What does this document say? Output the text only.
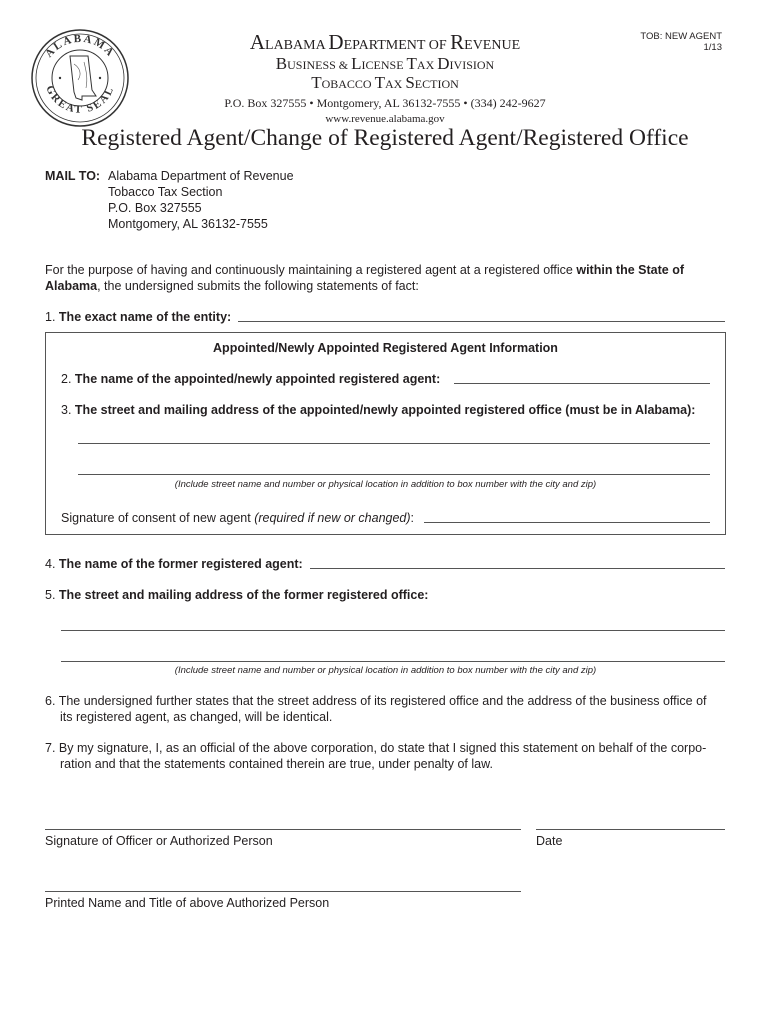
ALABAMA
GREAT SEAL
TOB: NEW AGENT
1/13
ALABAMA DEPARTMENT OF REVENUE
BUSINESS & LICENSE TAX DIVISION
TOBACCO TAX SECTION
P.O. Box 327555 • Montgomery, AL 36132-7555 • (334) 242-9627
www.revenue.alabama.gov
Registered Agent/Change of Registered Agent/Registered Office
MAIL TO: Alabama Department of Revenue
Tobacco Tax Section
P.O. Box 327555
Montgomery, AL 36132-7555
For the purpose of having and continuously maintaining a registered agent at a registered office within the State of
Alabama, the undersigned submits the following statements of fact:
1. The exact name of the entity:
Appointed/Newly Appointed Registered Agent Information
2. The name of the appointed/newly appointed registered agent:
3. The street and mailing address of the appointed/newly appointed registered office (must be in Alabama):
(Include street name and number or physical location in addition to box number with the city and zip)
Signature of consent of new agent (required if new or changed):
4. The name of the former registered agent:
5. The street and mailing address of the former registered office:
(Include street name and number or physical location in addition to box number with the city and zip)
6. The undersigned further states that the street address of its registered office and the address of the business office of
its registered agent, as changed, will be identical.
7. By my signature, I, as an official of the above corporation, do state that I signed this statement on behalf of the corpo-
ration and that the statements contained therein are true, under penalty of law.
Signature of Officer or Authorized Person	Date
Printed Name and Title of above Authorized Person
